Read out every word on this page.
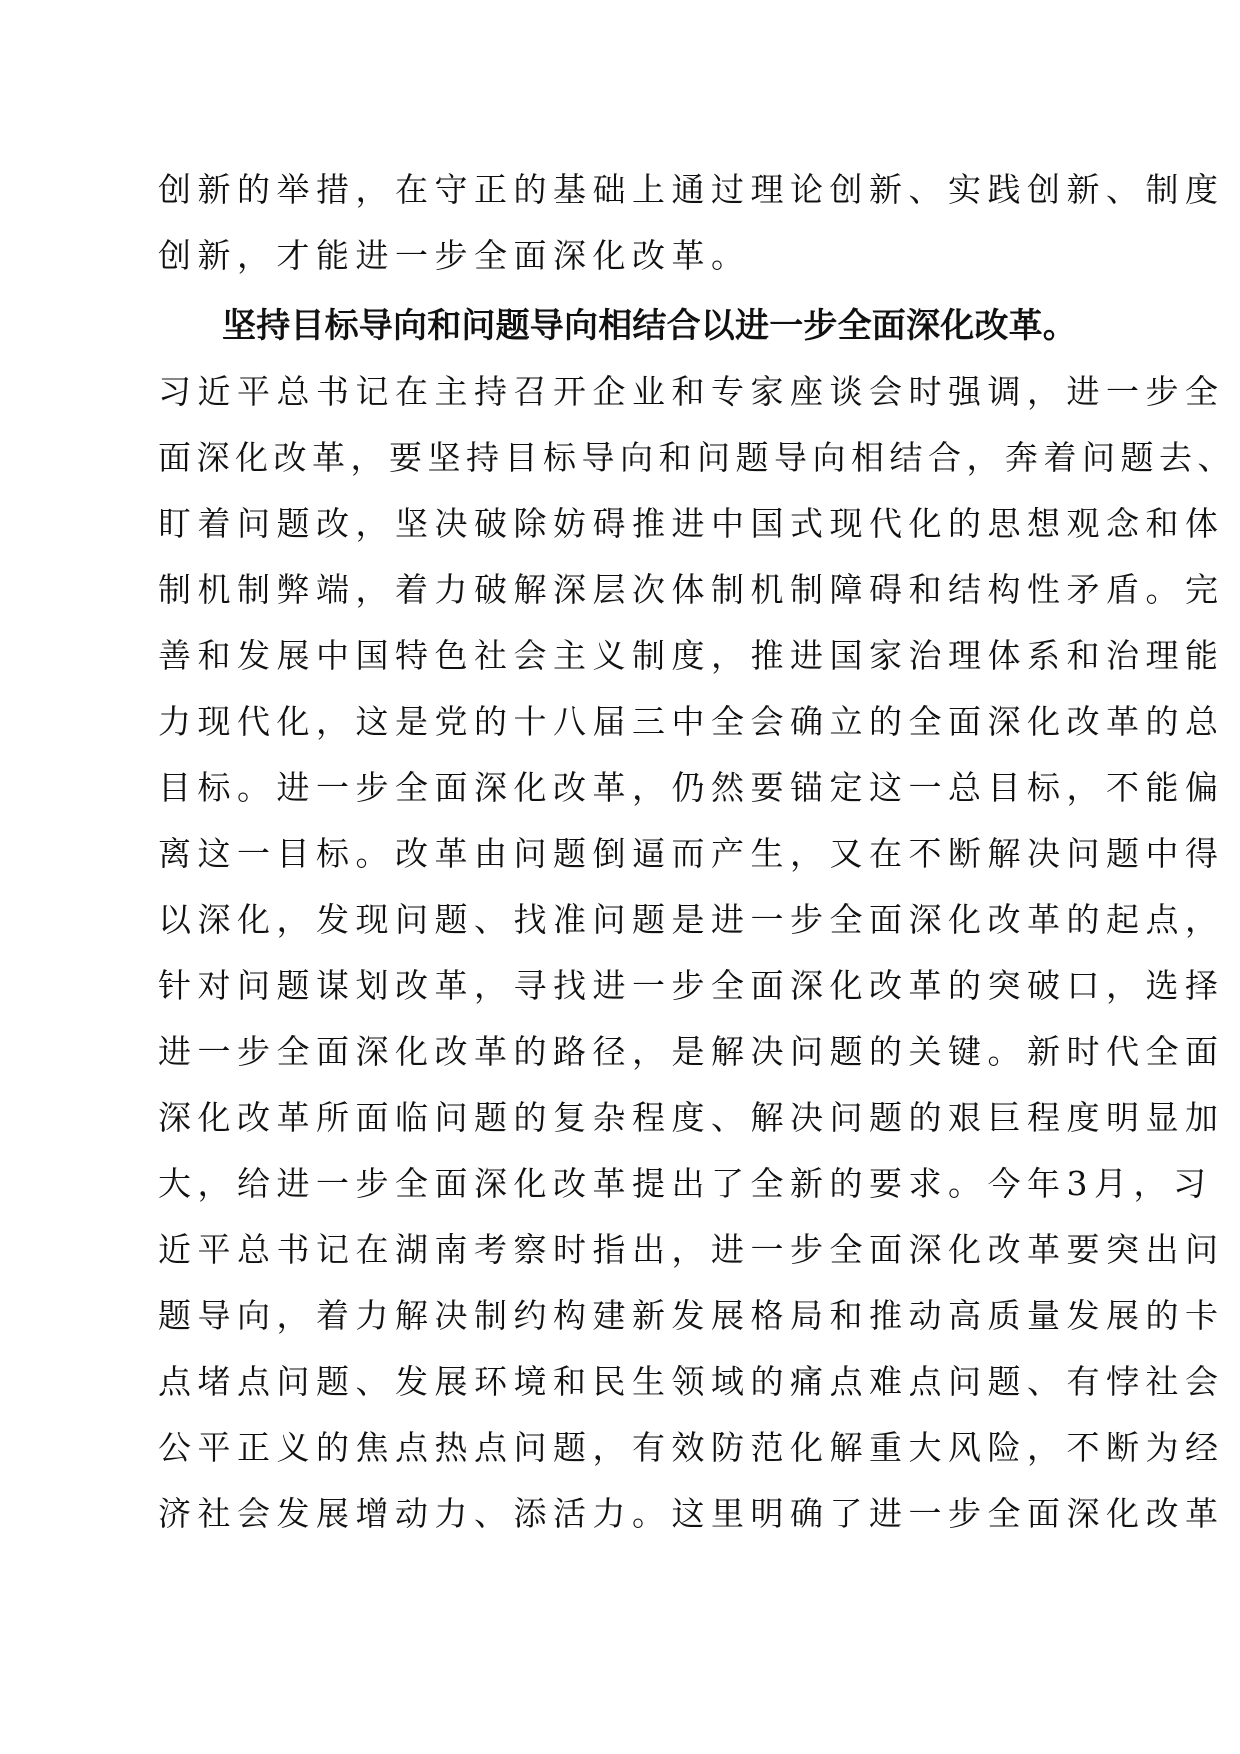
创新的举措，在守正的基础上通过理论创新、实践创新、制度
创新，才能进一步全面深化改革。
坚持目标导向和问题导向相结合以进一步全面深化改革。
习近平总书记在主持召开企业和专家座谈会时强调，进一步全
面深化改革，要坚持目标导向和问题导向相结合，奔着问题去、
盯着问题改，坚决破除妨碍推进中国式现代化的思想观念和体
制机制弊端，着力破解深层次体制机制障碍和结构性矛盾。完
善和发展中国特色社会主义制度，推进国家治理体系和治理能
力现代化，这是党的十八届三中全会确立的全面深化改革的总
目标。进一步全面深化改革，仍然要锚定这一总目标，不能偏
离这一目标。改革由问题倒逼而产生，又在不断解决问题中得
以深化，发现问题、找准问题是进一步全面深化改革的起点，
针对问题谋划改革，寻找进一步全面深化改革的突破口，选择
进一步全面深化改革的路径，是解决问题的关键。新时代全面
深化改革所面临问题的复杂程度、解决问题的艰巨程度明显加
大，给进一步全面深化改革提出了全新的要求。今年3月，习
近平总书记在湖南考察时指出，进一步全面深化改革要突出问
题导向，着力解决制约构建新发展格局和推动高质量发展的卡
点堵点问题、发展环境和民生领域的痛点难点问题、有悖社会
公平正义的焦点热点问题，有效防范化解重大风险，不断为经
济社会发展增动力、添活力。这里明确了进一步全面深化改革
